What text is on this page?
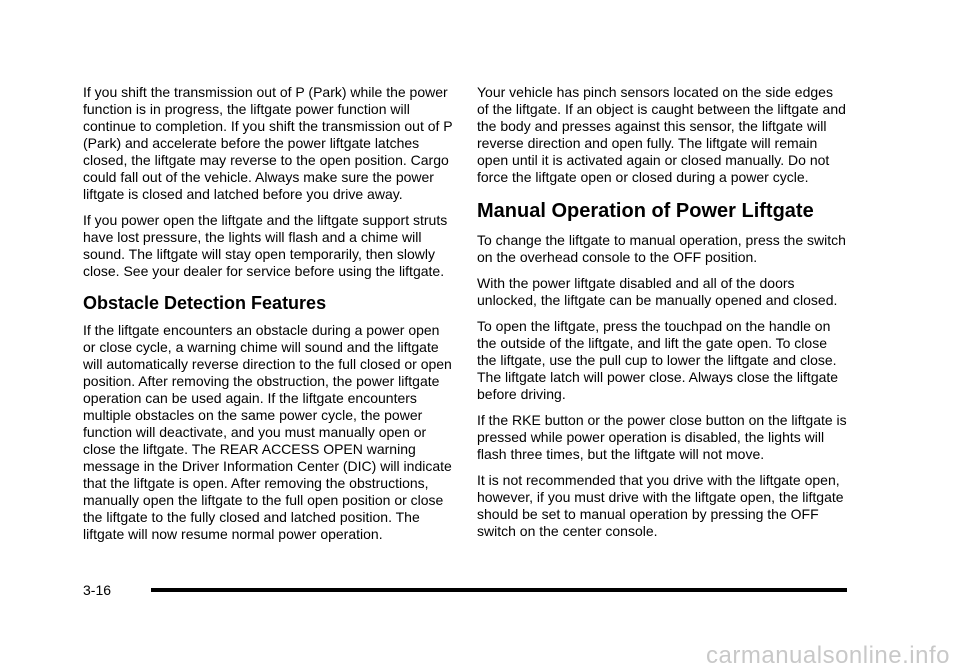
If you shift the transmission out of P (Park) while the power function is in progress, the liftgate power function will continue to completion. If you shift the transmission out of P (Park) and accelerate before the power liftgate latches closed, the liftgate may reverse to the open position. Cargo could fall out of the vehicle. Always make sure the power liftgate is closed and latched before you drive away.

If you power open the liftgate and the liftgate support struts have lost pressure, the lights will flash and a chime will sound. The liftgate will stay open temporarily, then slowly close. See your dealer for service before using the liftgate.

Obstacle Detection Features

If the liftgate encounters an obstacle during a power open or close cycle, a warning chime will sound and the liftgate will automatically reverse direction to the full closed or open position. After removing the obstruction, the power liftgate operation can be used again. If the liftgate encounters multiple obstacles on the same power cycle, the power function will deactivate, and you must manually open or close the liftgate. The REAR ACCESS OPEN warning message in the Driver Information Center (DIC) will indicate that the liftgate is open. After removing the obstructions, manually open the liftgate to the full open position or close the liftgate to the fully closed and latched position. The liftgate will now resume normal power operation.

Your vehicle has pinch sensors located on the side edges of the liftgate. If an object is caught between the liftgate and the body and presses against this sensor, the liftgate will reverse direction and open fully. The liftgate will remain open until it is activated again or closed manually. Do not force the liftgate open or closed during a power cycle.

Manual Operation of Power Liftgate

To change the liftgate to manual operation, press the switch on the overhead console to the OFF position.

With the power liftgate disabled and all of the doors unlocked, the liftgate can be manually opened and closed.

To open the liftgate, press the touchpad on the handle on the outside of the liftgate, and lift the gate open. To close the liftgate, use the pull cup to lower the liftgate and close. The liftgate latch will power close. Always close the liftgate before driving.

If the RKE button or the power close button on the liftgate is pressed while power operation is disabled, the lights will flash three times, but the liftgate will not move.

It is not recommended that you drive with the liftgate open, however, if you must drive with the liftgate open, the liftgate should be set to manual operation by pressing the OFF switch on the center console.

3-16
carmanualsonline.info
